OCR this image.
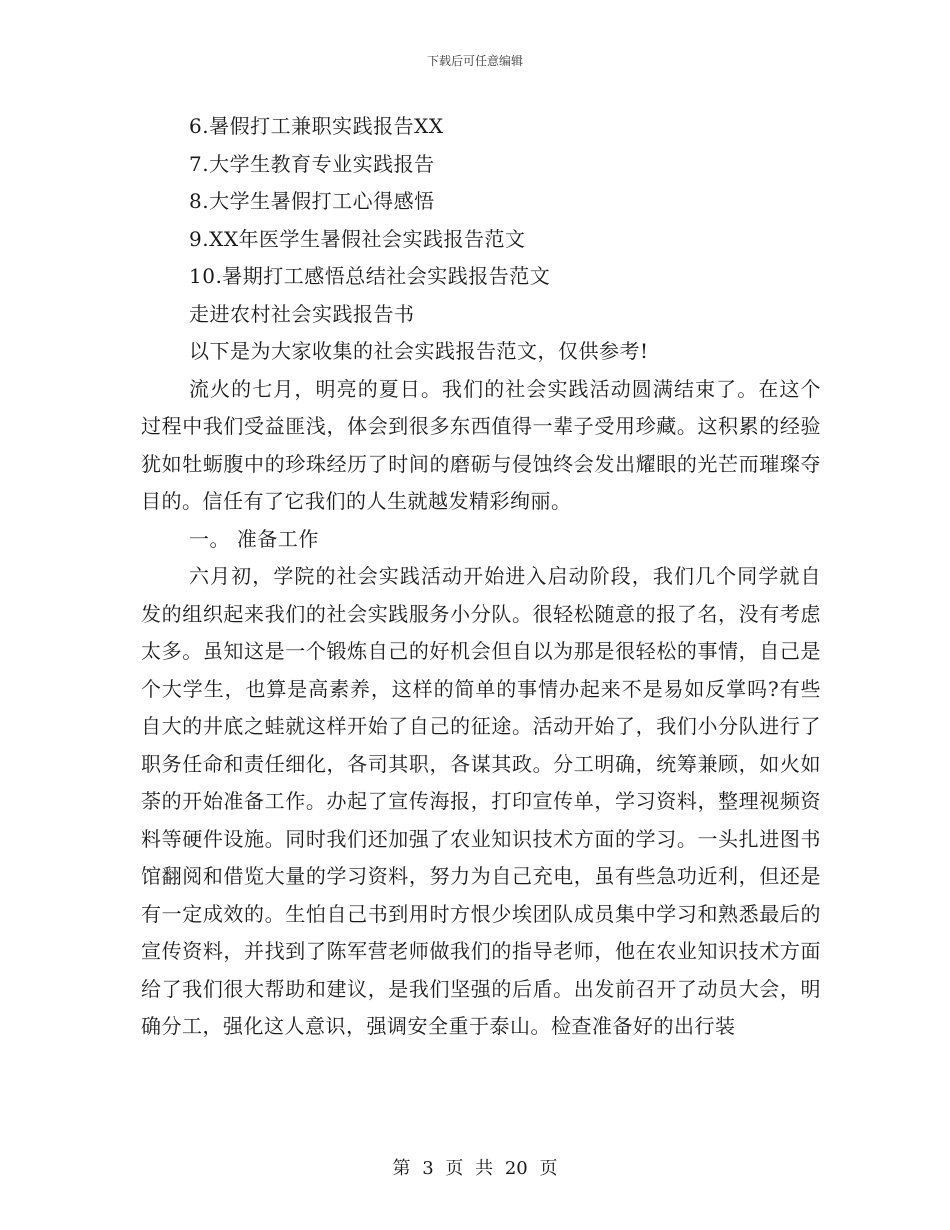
下载后可任意编辑

6.暑假打工兼职实践报告XX

7.大学生教育专业实践报告

8.大学生暑假打工心得感悟

9.XX年医学生暑假社会实践报告范文

10.暑期打工感悟总结社会实践报告范文

走进农村社会实践报告书

以下是为大家收集的社会实践报告范文，仅供参考!

流火的七月，明亮的夏日。我们的社会实践活动圆满结束了。在这个过程中我们受益匪浅，体会到很多东西值得一辈子受用珍藏。这积累的经验犹如牡蛎腹中的珍珠经历了时间的磨砺与侵蚀终会发出耀眼的光芒而璀璨夺目的。信任有了它我们的人生就越发精彩绚丽。

一。 准备工作

六月初，学院的社会实践活动开始进入启动阶段，我们几个同学就自发的组织起来我们的社会实践服务小分队。很轻松随意的报了名，没有考虑太多。虽知这是一个锻炼自己的好机会但自以为那是很轻松的事情，自己是个大学生，也算是高素养，这样的简单的事情办起来不是易如反掌吗?有些自大的井底之蛙就这样开始了自己的征途。活动开始了，我们小分队进行了职务任命和责任细化，各司其职，各谋其政。分工明确，统筹兼顾，如火如荼的开始准备工作。办起了宣传海报，打印宣传单，学习资料，整理视频资料等硬件设施。同时我们还加强了农业知识技术方面的学习。一头扎进图书馆翻阅和借览大量的学习资料，努力为自己充电，虽有些急功近利，但还是有一定成效的。生怕自己书到用时方恨少埃团队成员集中学习和熟悉最后的宣传资料，并找到了陈军营老师做我们的指导老师，他在农业知识技术方面给了我们很大帮助和建议，是我们坚强的后盾。出发前召开了动员大会，明确分工，强化这人意识，强调安全重于泰山。检查准备好的出行装

第 3 页 共 20 页
